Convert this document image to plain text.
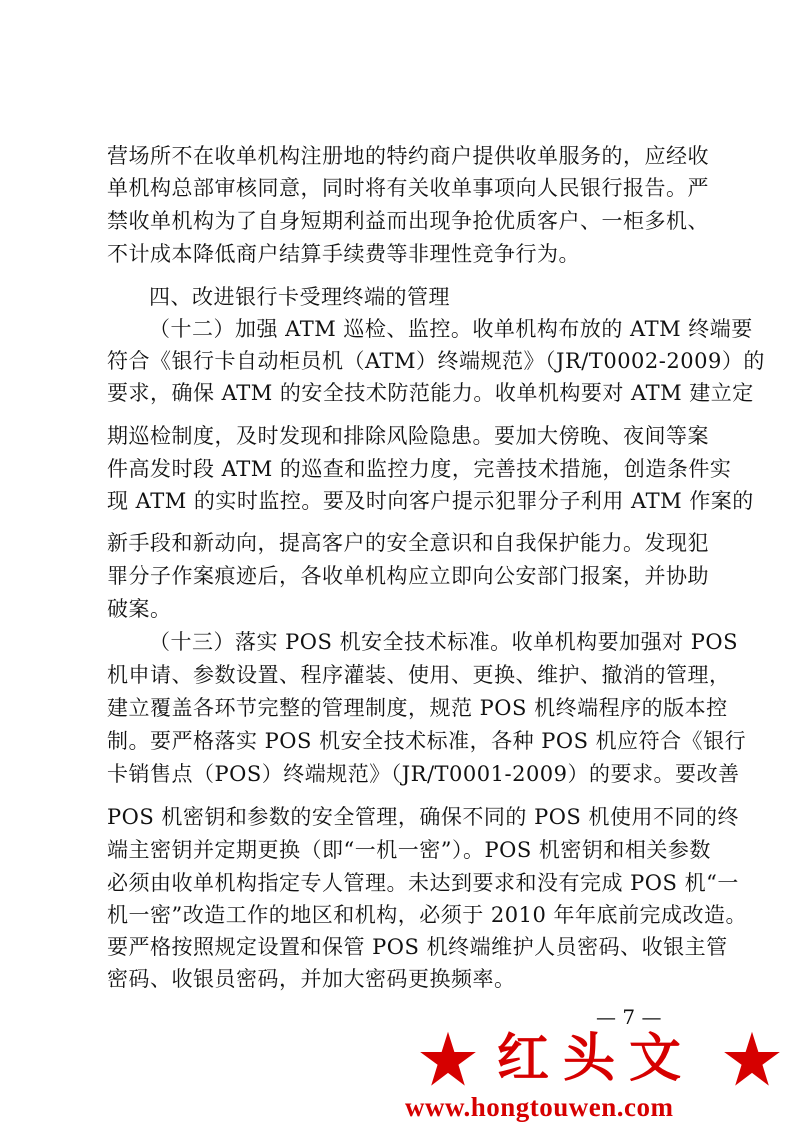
营场所不在收单机构注册地的特约商户提供收单服务的，应经收
单机构总部审核同意，同时将有关收单事项向人民银行报告。严
禁收单机构为了自身短期利益而出现争抢优质客户、一柜多机、
不计成本降低商户结算手续费等非理性竞争行为。
四、改进银行卡受理终端的管理
（十二）加强 ATM 巡检、监控。收单机构布放的 ATM 终端要
符合《银行卡自动柜员机（ATM）终端规范》（JR/T0002-2009）的
要求，确保 ATM 的安全技术防范能力。收单机构要对 ATM 建立定
期巡检制度，及时发现和排除风险隐患。要加大傍晚、夜间等案
件高发时段 ATM 的巡查和监控力度，完善技术措施，创造条件实
现 ATM 的实时监控。要及时向客户提示犯罪分子利用 ATM 作案的
新手段和新动向，提高客户的安全意识和自我保护能力。发现犯
罪分子作案痕迹后，各收单机构应立即向公安部门报案，并协助
破案。
（十三）落实 POS 机安全技术标准。收单机构要加强对 POS
机申请、参数设置、程序灌装、使用、更换、维护、撤消的管理，
建立覆盖各环节完整的管理制度，规范 POS 机终端程序的版本控
制。要严格落实 POS 机安全技术标准，各种 POS 机应符合《银行
卡销售点（POS）终端规范》（JR/T0001-2009）的要求。要改善
POS 机密钥和参数的安全管理，确保不同的 POS 机使用不同的终
端主密钥并定期更换（即“一机一密”）。POS 机密钥和相关参数
必须由收单机构指定专人管理。未达到要求和没有完成 POS 机“一
机一密”改造工作的地区和机构，必须于 2010 年年底前完成改造。
要严格按照规定设置和保管 POS 机终端维护人员密码、收银主管
密码、收银员密码，并加大密码更换频率。
— 7 —
红头文
www.hongtouwen.com
